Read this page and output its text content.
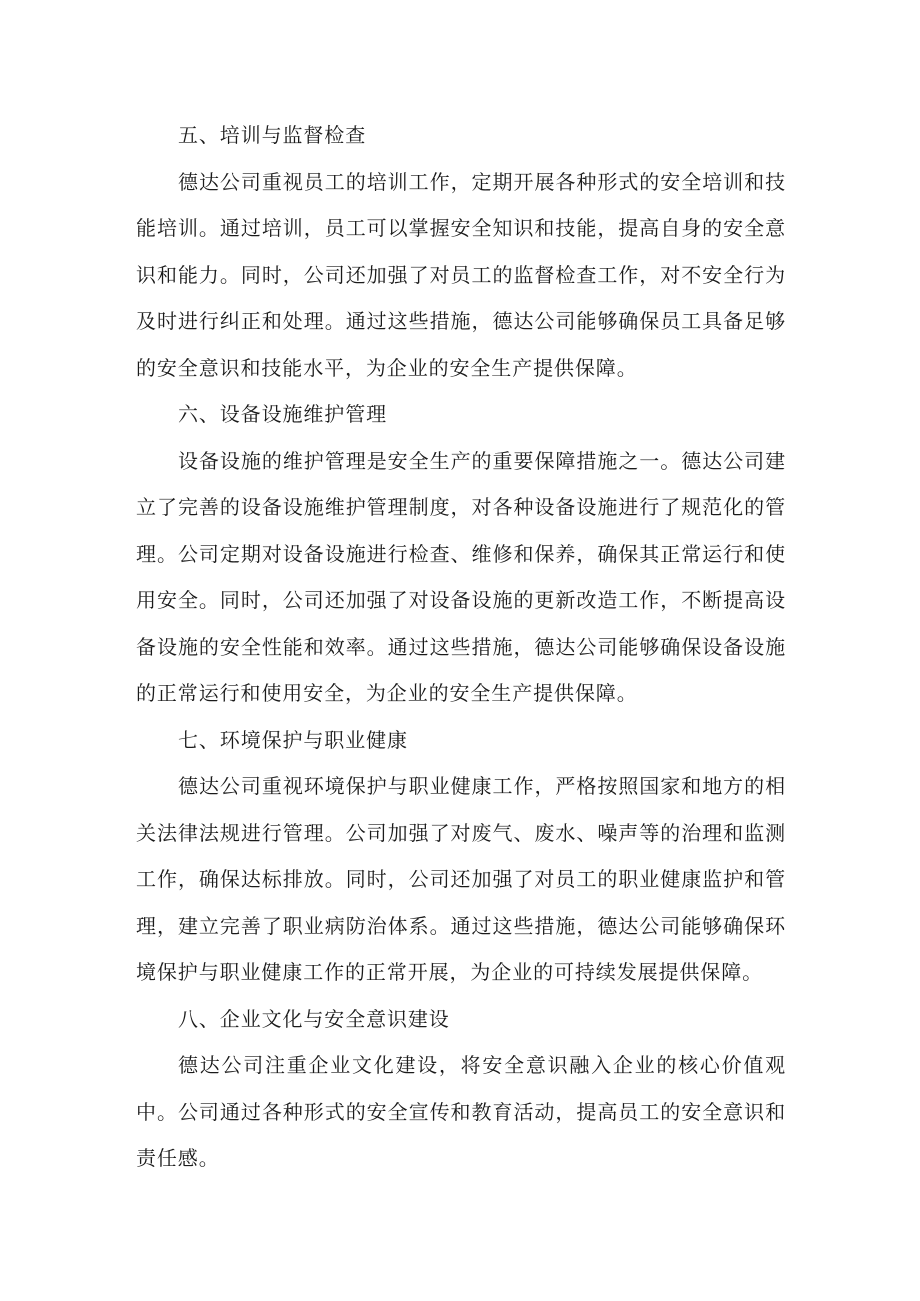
五、培训与监督检查

德达公司重视员工的培训工作，定期开展各种形式的安全培训和技能培训。通过培训，员工可以掌握安全知识和技能，提高自身的安全意识和能力。同时，公司还加强了对员工的监督检查工作，对不安全行为及时进行纠正和处理。通过这些措施，德达公司能够确保员工具备足够的安全意识和技能水平，为企业的安全生产提供保障。

六、设备设施维护管理

设备设施的维护管理是安全生产的重要保障措施之一。德达公司建立了完善的设备设施维护管理制度，对各种设备设施进行了规范化的管理。公司定期对设备设施进行检查、维修和保养，确保其正常运行和使用安全。同时，公司还加强了对设备设施的更新改造工作，不断提高设备设施的安全性能和效率。通过这些措施，德达公司能够确保设备设施的正常运行和使用安全，为企业的安全生产提供保障。

七、环境保护与职业健康

德达公司重视环境保护与职业健康工作，严格按照国家和地方的相关法律法规进行管理。公司加强了对废气、废水、噪声等的治理和监测工作，确保达标排放。同时，公司还加强了对员工的职业健康监护和管理，建立完善了职业病防治体系。通过这些措施，德达公司能够确保环境保护与职业健康工作的正常开展，为企业的可持续发展提供保障。

八、企业文化与安全意识建设

德达公司注重企业文化建设，将安全意识融入企业的核心价值观中。公司通过各种形式的安全宣传和教育活动，提高员工的安全意识和责任感。
